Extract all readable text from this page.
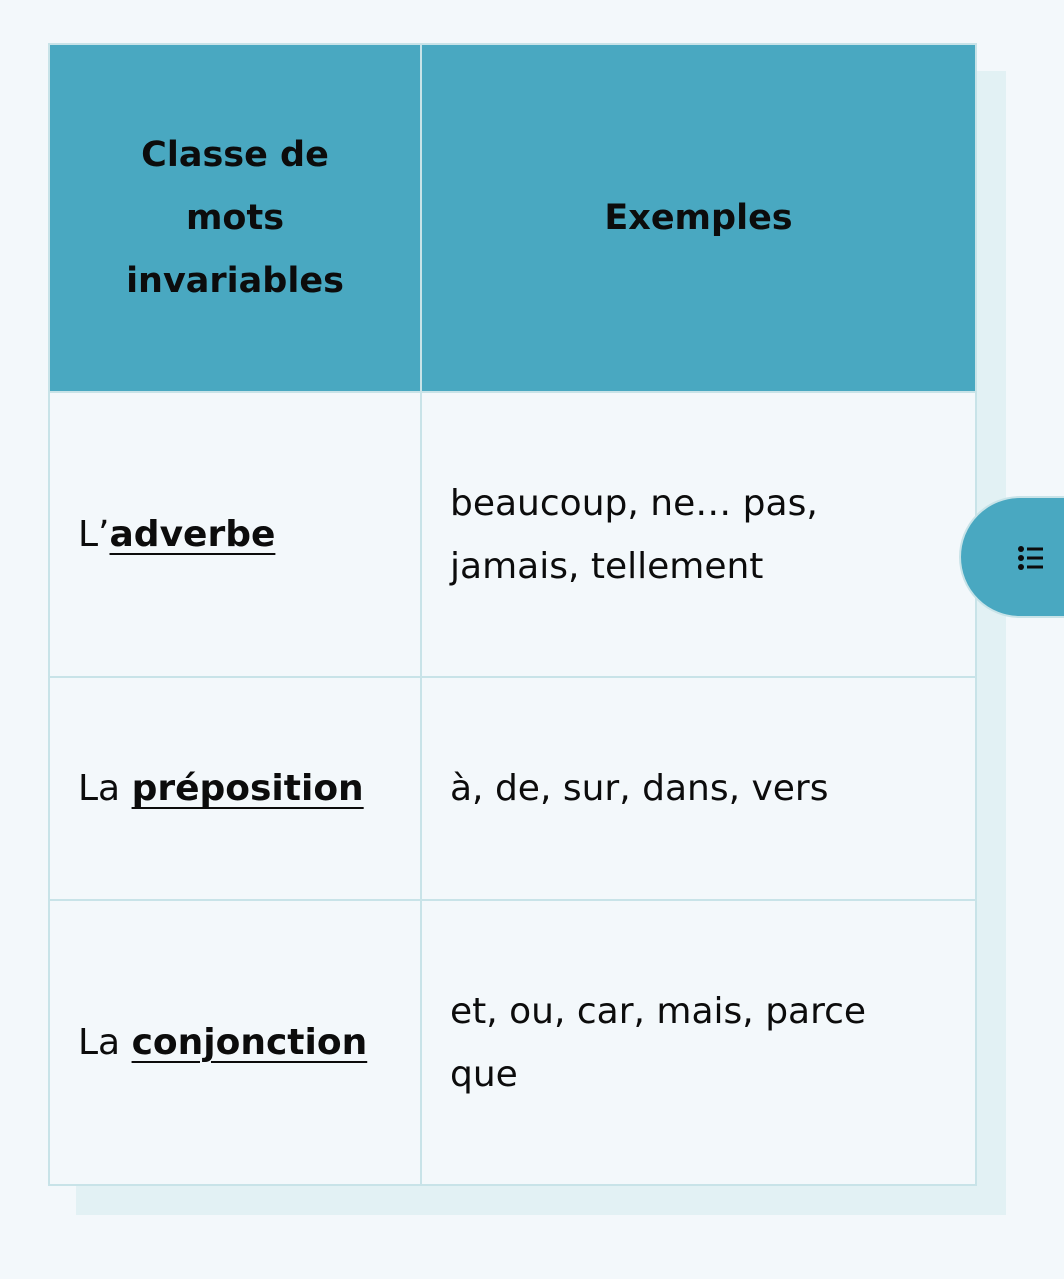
Classe de mots invariables	Exemples
L’adverbe	beaucoup, ne… pas, jamais, tellement
La préposition	à, de, sur, dans, vers
La conjonction	et, ou, car, mais, parce que
